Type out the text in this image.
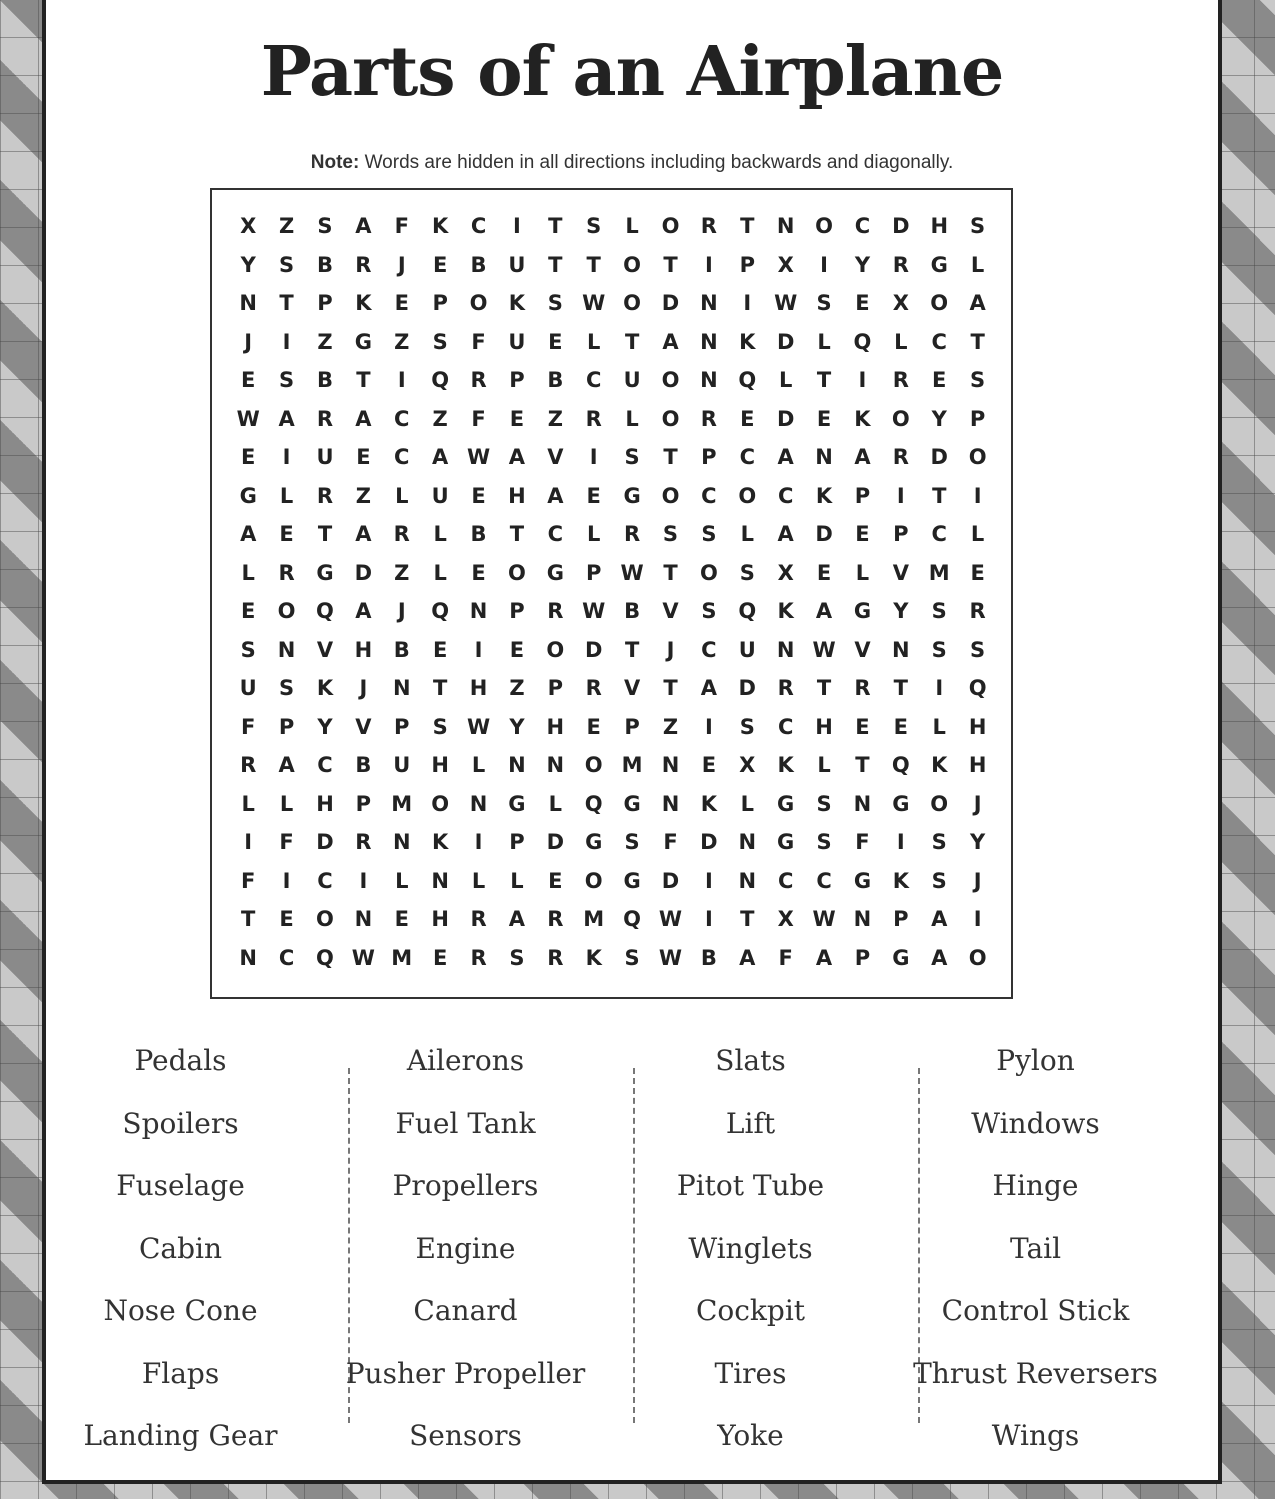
Parts of an Airplane
Note: Words are hidden in all directions including backwards and diagonally.
X	Z	S	A	F	K	C	I	T	S	L	O	R	T	N O	C	D H	S
Y	S	B	R	J	E	B	U	T	T	O	T	I	P	X	I	Y	R	G	L
N	T	P	K	E	P	O	K	S W O D N	I	W S	E	X	O	A
J	I	Z	G	Z	S	F	U	E	L	T	A	N	K	D	L	Q	L	C	T
E	S	B	T	I	Q	R	P	B	C	U O N Q	L	T	I	R	E	S
W A	R	A	C	Z	F	E	Z	R	L	O	R	E	D	E	K	O	Y	P
E	I	U	E	C	A W A	V	I	S	T	P	C	A	N	A	R	D O
G	L	R	Z	L	U	E	H	A	E	G O	C	O	C	K	P	I	T	I
A	E	T	A	R	L	B	T	C	L	R	S	S	L	A	D	E	P	C	L
L	R	G	D	Z	L	E	O G	P W T	O	S	X	E	L	V M E
E	O Q	A	J	Q N	P	R W B	V	S	Q	K	A	G	Y	S	R
S	N	V	H	B	E	I	E	O D	T	J	C	U	N W V	N	S	S
U	S	K	J	N	T	H	Z	P	R	V	T	A	D	R	T	R	T	I	Q
F	P	Y	V	P	S W Y	H	E	P	Z	I	S	C	H	E	E	L	H
R	A	C	B	U	H	L	N N O M N	E	X	K	L	T	Q	K	H
L	L	H	P M O N G	L	Q G N	K	L	G	S	N G O	J
I	F	D	R	N	K	I	P	D	G	S	F	D N G	S	F	I	S	Y
F	I	C	I	L	N	L	L	E	O G	D	I	N	C	C	G	K	S	J
T	E	O N	E	H	R	A	R M Q W	I	T	X W N	P	A	I
N	C	Q W M E	R	S	R	K	S W B	A	F	A	P	G	A	O
Pedals
Spoilers
Fuselage
Cabin
Nose Cone
Flaps
Landing Gear
Ailerons
Fuel Tank
Propellers
Engine
Canard
Pusher Propeller
Sensors
Slats
Lift
Pitot Tube
Winglets
Cockpit
Tires
Yoke
Pylon
Windows
Hinge
Tail
Control Stick
Thrust Reversers
Wings
